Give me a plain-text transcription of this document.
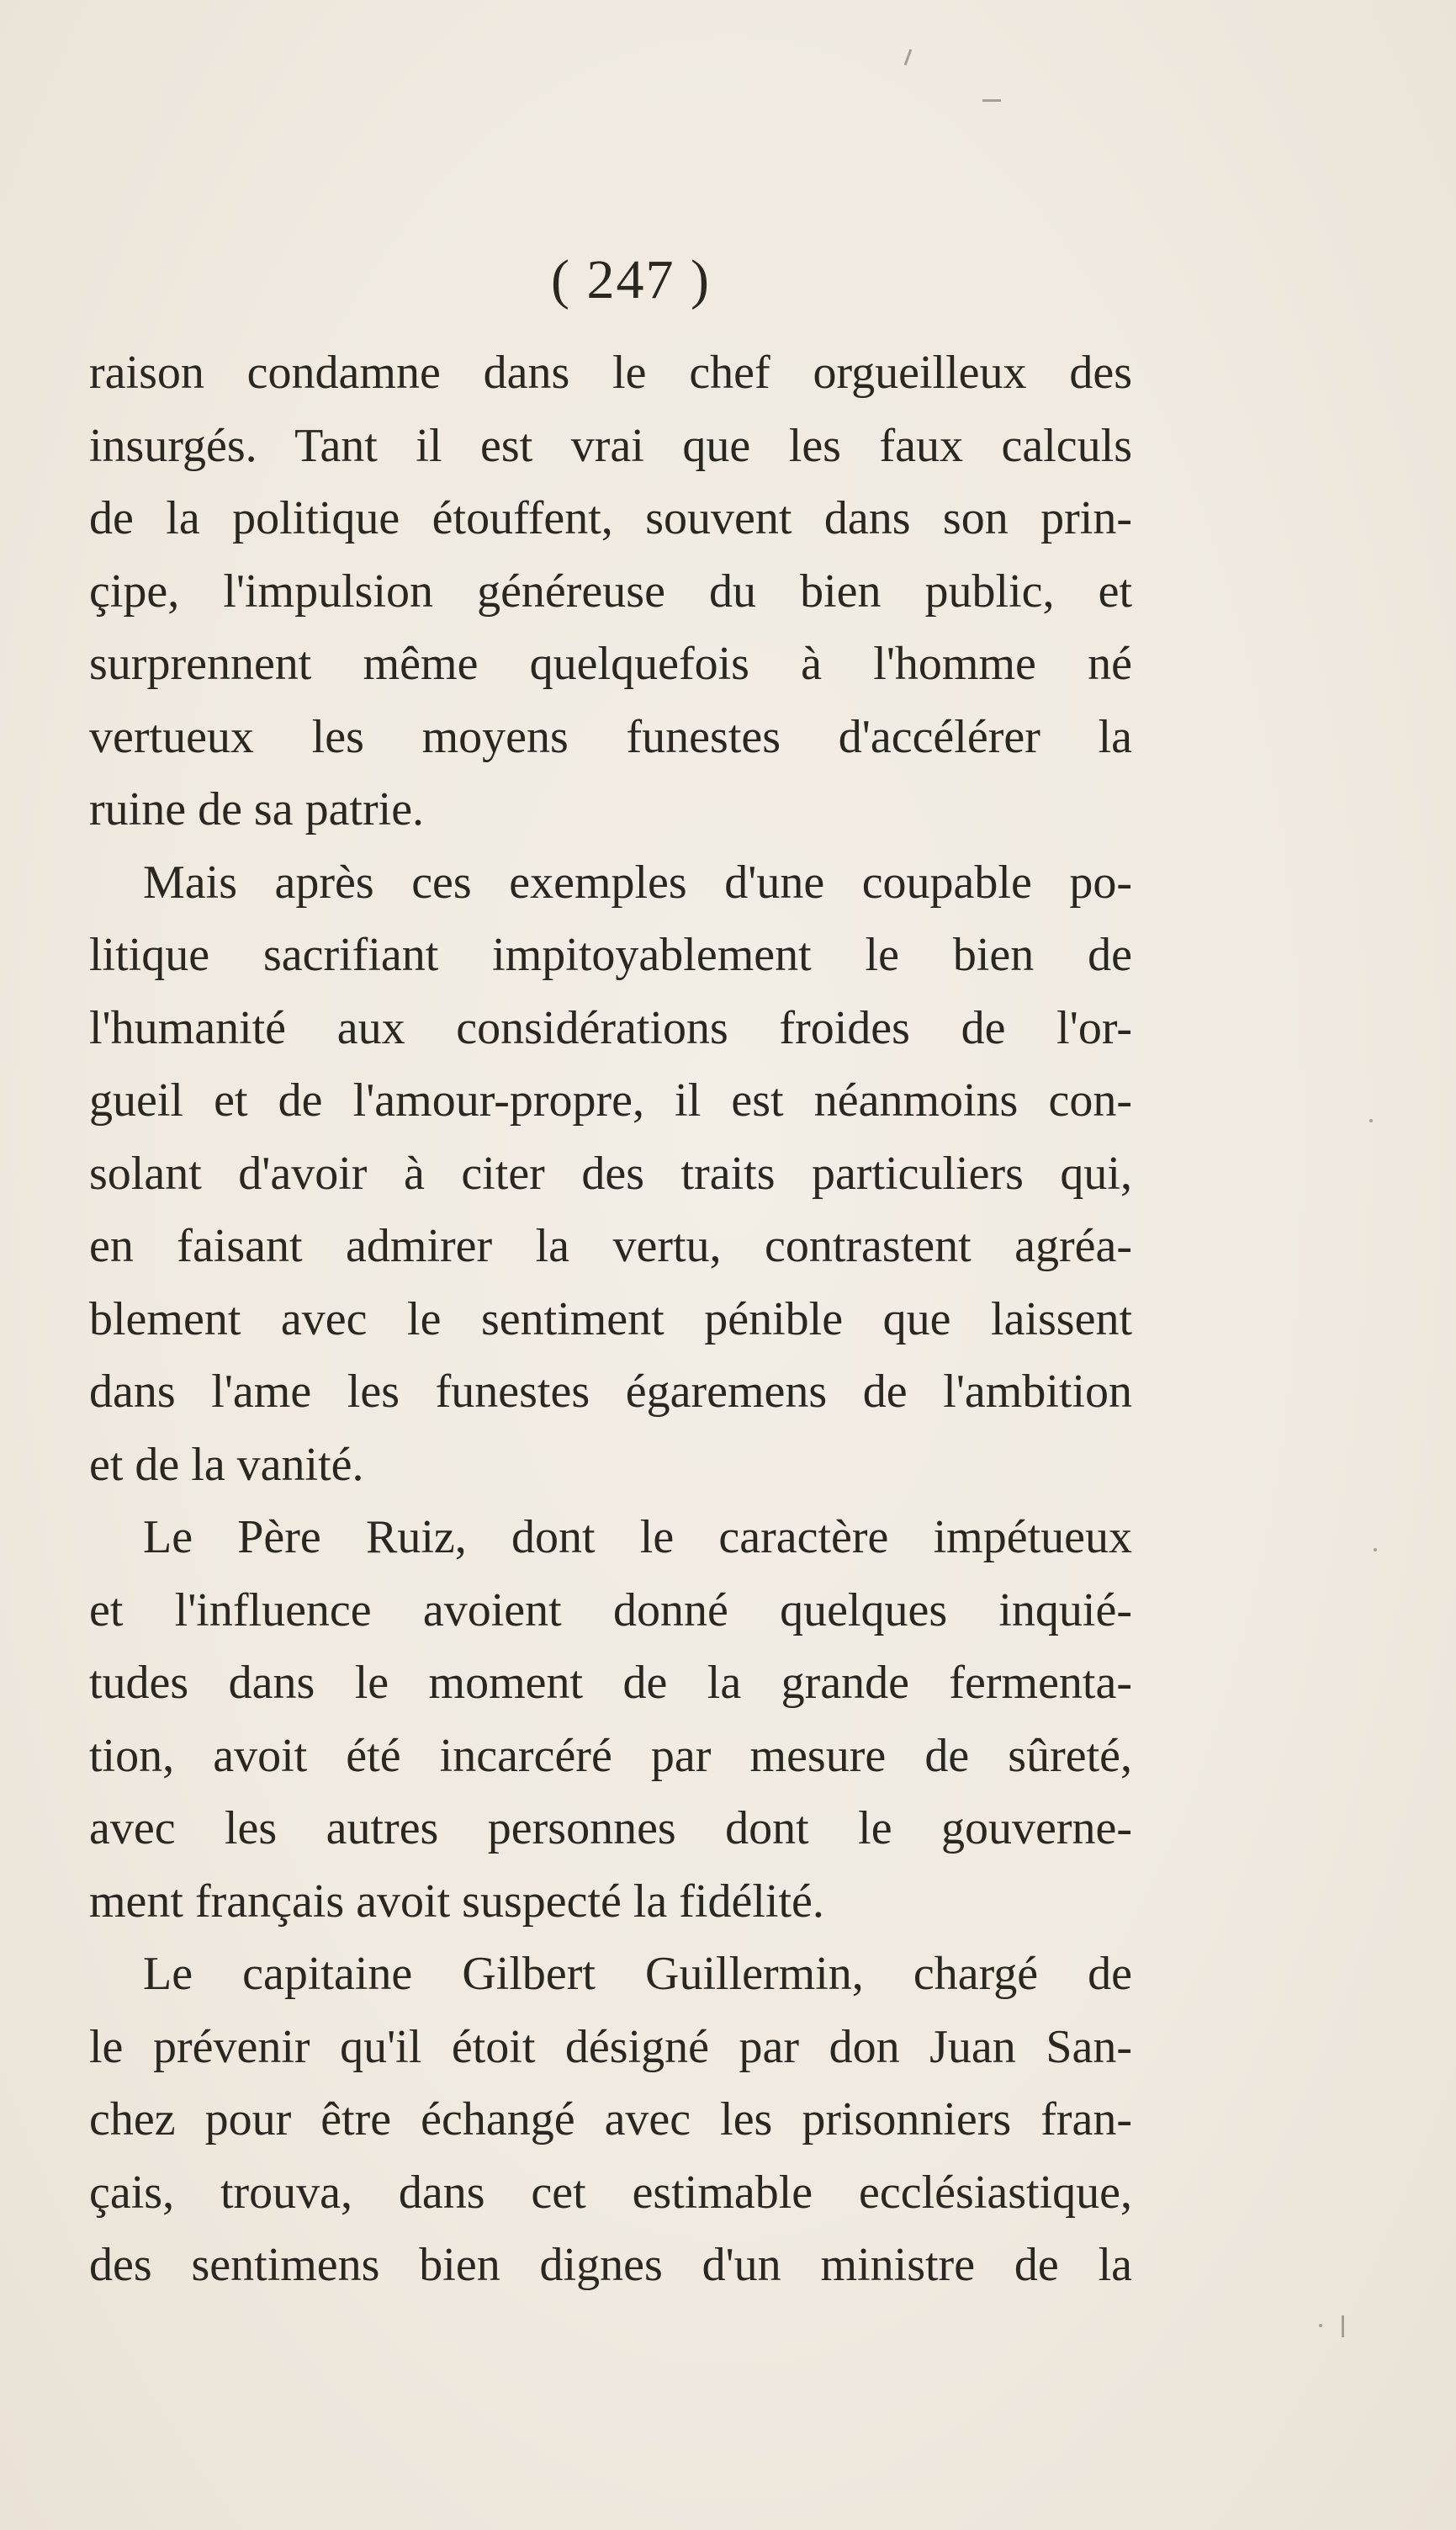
( 247 )
raison condamne dans le chef orgueilleux des
insurgés. Tant il est vrai que les faux calculs
de la politique étouffent, souvent dans son prin-
çipe, l'impulsion généreuse du bien public, et
surprennent même quelquefois à l'homme né
vertueux les moyens funestes d'accélérer la
ruine de sa patrie.
Mais après ces exemples d'une coupable po-
litique sacrifiant impitoyablement le bien de
l'humanité aux considérations froides de l'or-
gueil et de l'amour-propre, il est néanmoins con-
solant d'avoir à citer des traits particuliers qui,
en faisant admirer la vertu, contrastent agréa-
blement avec le sentiment pénible que laissent
dans l'ame les funestes égaremens de l'ambition
et de la vanité.
Le Père Ruiz, dont le caractère impétueux
et l'influence avoient donné quelques inquié-
tudes dans le moment de la grande fermenta-
tion, avoit été incarcéré par mesure de sûreté,
avec les autres personnes dont le gouverne-
ment français avoit suspecté la fidélité.
Le capitaine Gilbert Guillermin, chargé de
le prévenir qu'il étoit désigné par don Juan San-
chez pour être échangé avec les prisonniers fran-
çais, trouva, dans cet estimable ecclésiastique,
des sentimens bien dignes d'un ministre de la
